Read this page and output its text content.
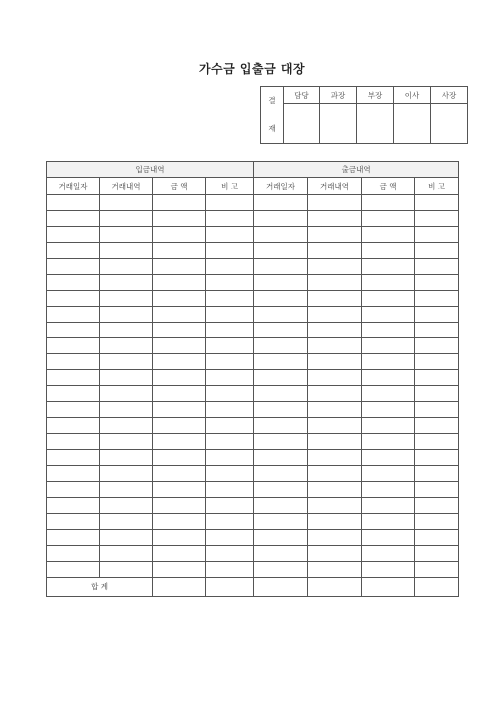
가수금 입출금 대장
결
재	담당	과장	부장	이사	사장

입금내역				출금내역			
거래일자	거래내역	금 액	비 고	거래일자	거래내역	금 액	비 고

합 계							
